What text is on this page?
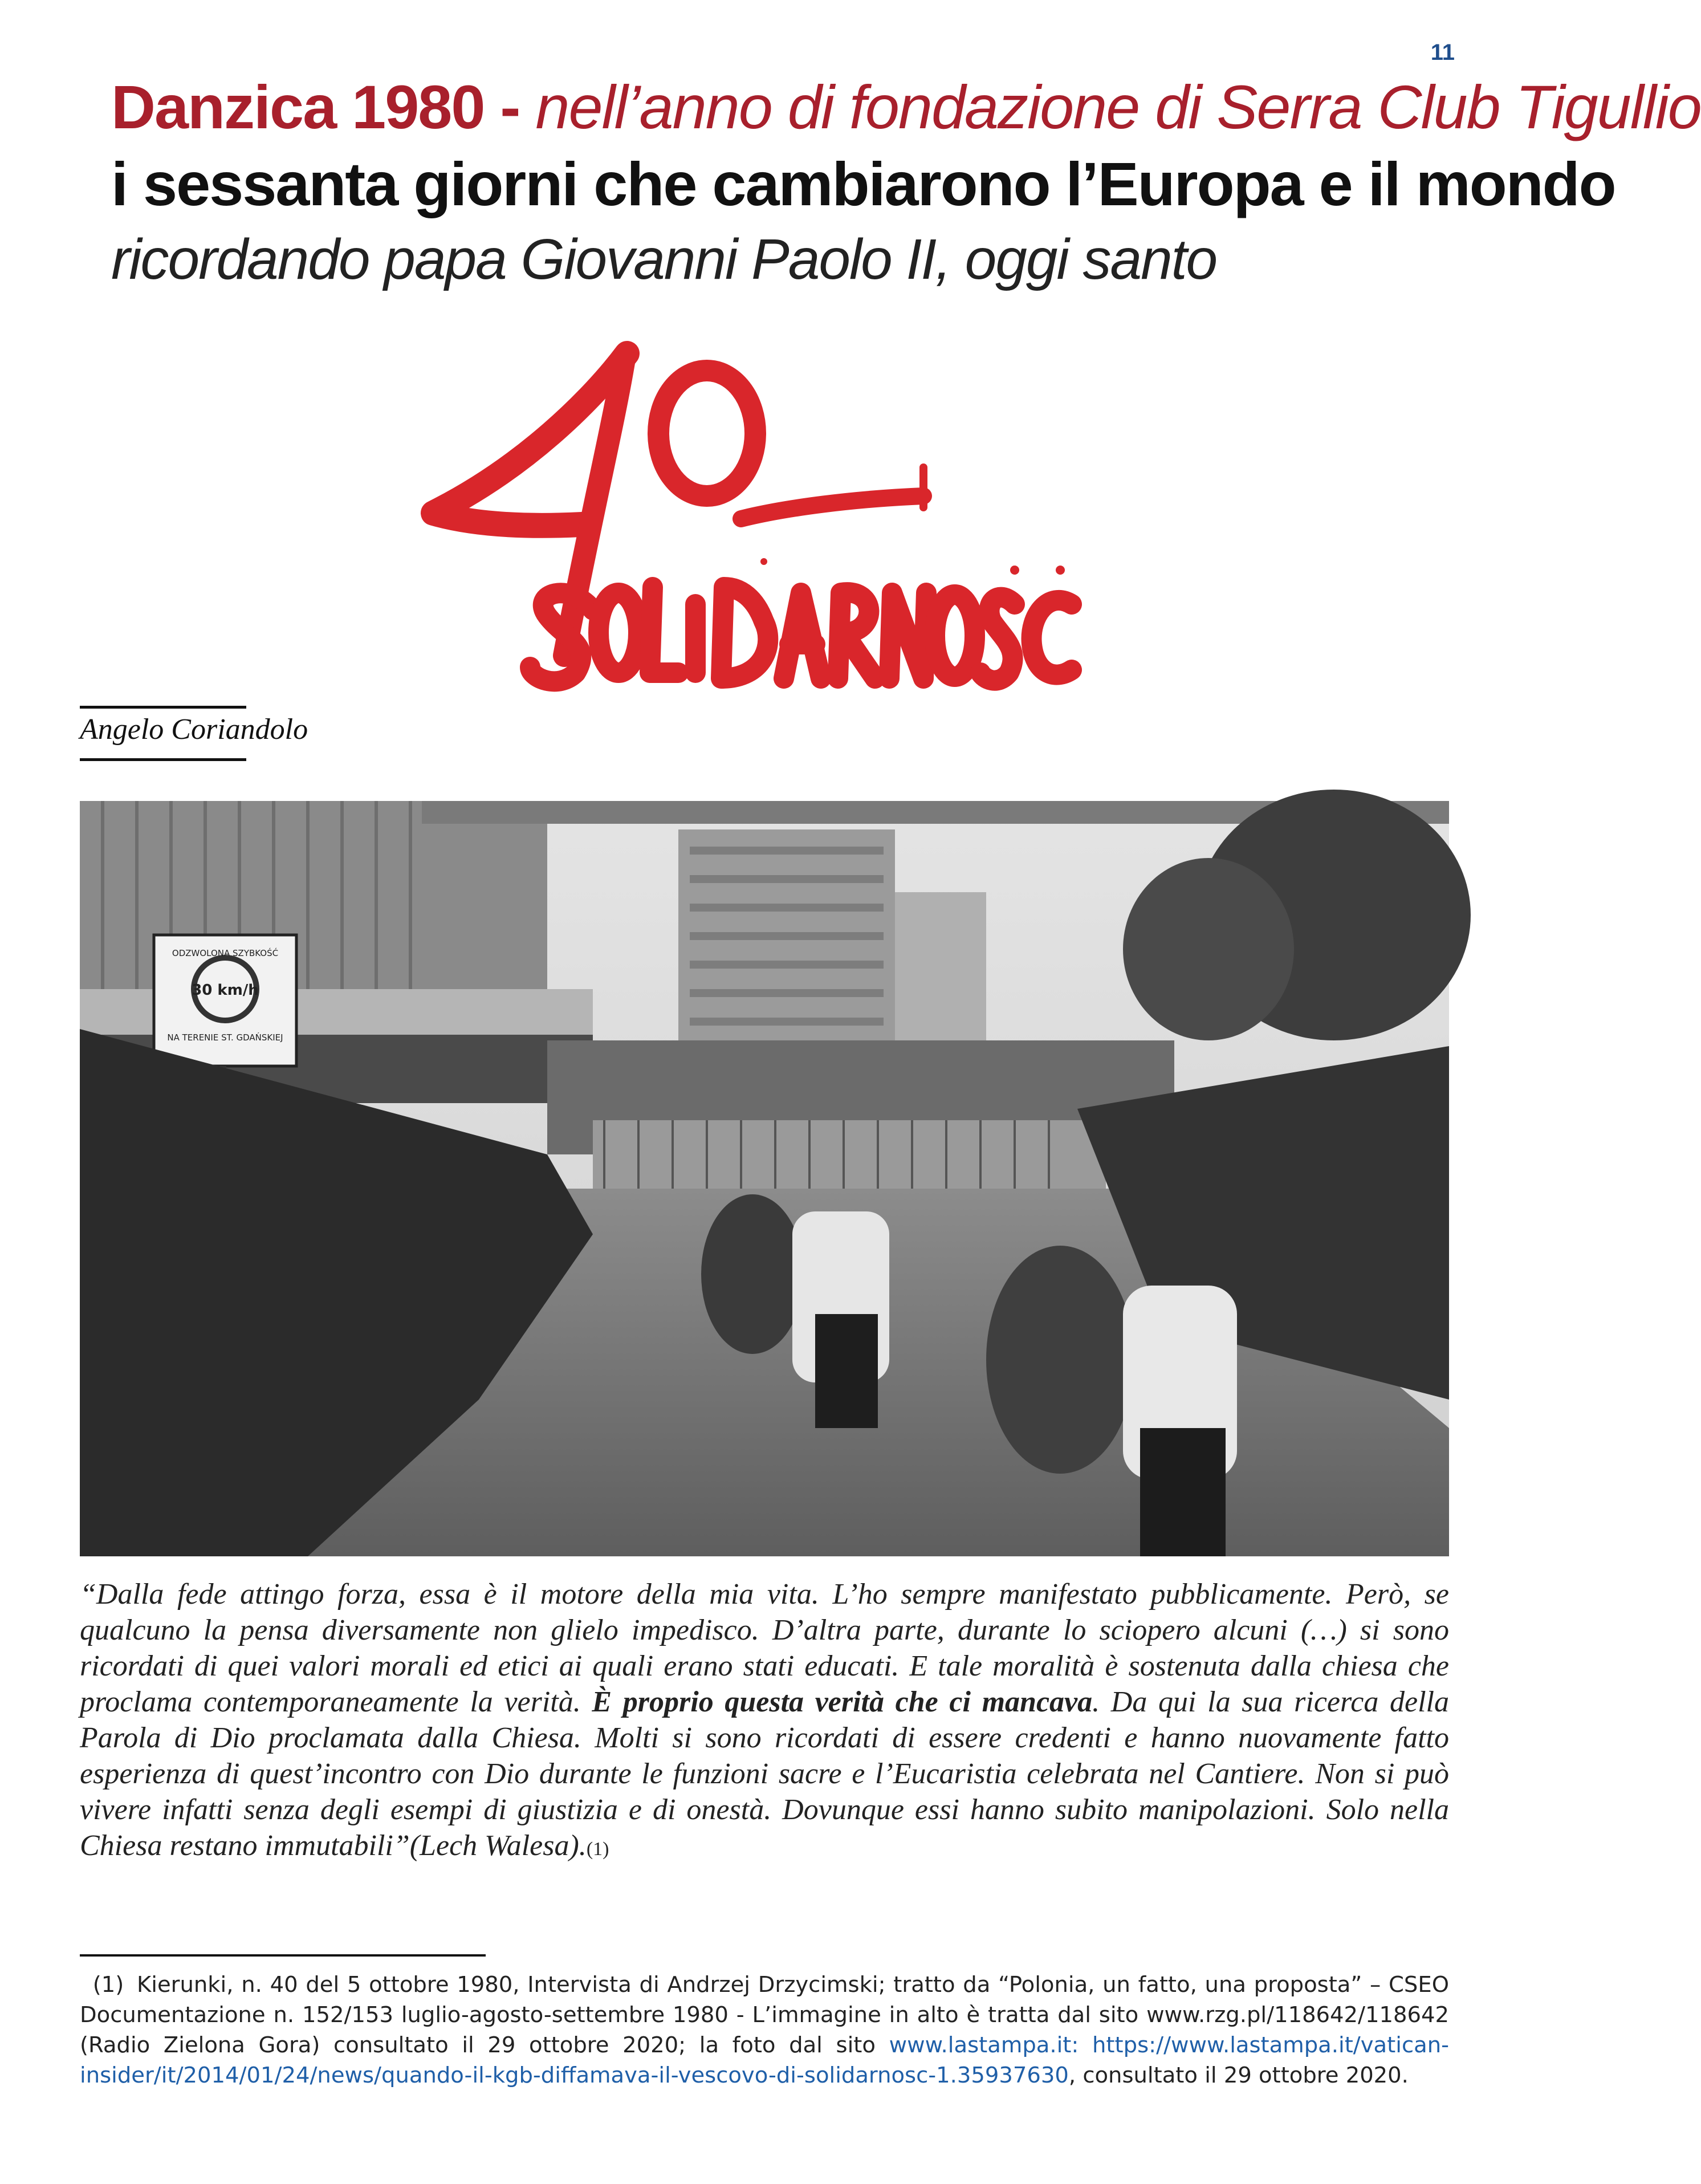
11
Danzica 1980 - nell’anno di fondazione di Serra Club Tigullio
i sessanta giorni che cambiarono l’Europa e il mondo
ricordando papa Giovanni Paolo II, oggi santo
Angelo Coriandolo
ODZWOLONA SZYBKOŚĆ
30 km/h
NA TERENIE ST. GDAŃSKIEJ
“Dalla fede attingo forza, essa è il motore della mia vita. L’ho sempre manifestato pubblicamente. Però, se qualcuno la pensa diversamente non glielo impedisco. D’altra parte, durante lo sciopero alcuni (…) si sono ricordati di quei valori morali ed etici ai quali erano stati educati. E tale moralità è sostenuta dalla chiesa che proclama contemporaneamente la verità. È proprio questa verità che ci mancava. Da qui la sua ricerca della Parola di Dio proclamata dalla Chiesa. Molti si sono ricordati di essere credenti e hanno nuovamente fatto esperienza di quest’incontro con Dio durante le funzioni sacre e l’Eucaristia celebrata nel Cantiere. Non si può vivere infatti senza degli esempi di giustizia e di onestà. Dovunque essi hanno subito manipolazioni. Solo nella Chiesa restano immutabili”(Lech Walesa).(1)
(1) Kierunki, n. 40 del 5 ottobre 1980, Intervista di Andrzej Drzycimski; tratto da “Polonia, un fatto, una proposta” – CSEO Documentazione n. 152/153 luglio-agosto-settembre 1980 - L’immagine in alto è tratta dal sito www.rzg.pl/118642/118642 (Radio Zielona Gora) consultato il 29 ottobre 2020; la foto dal sito www.lastampa.it: https://www.lastampa.it/vatican-insider/it/2014/01/24/news/quando-il-kgb-diffamava-il-vescovo-di-solidarnosc-1.35937630, consultato il 29 ottobre 2020.
